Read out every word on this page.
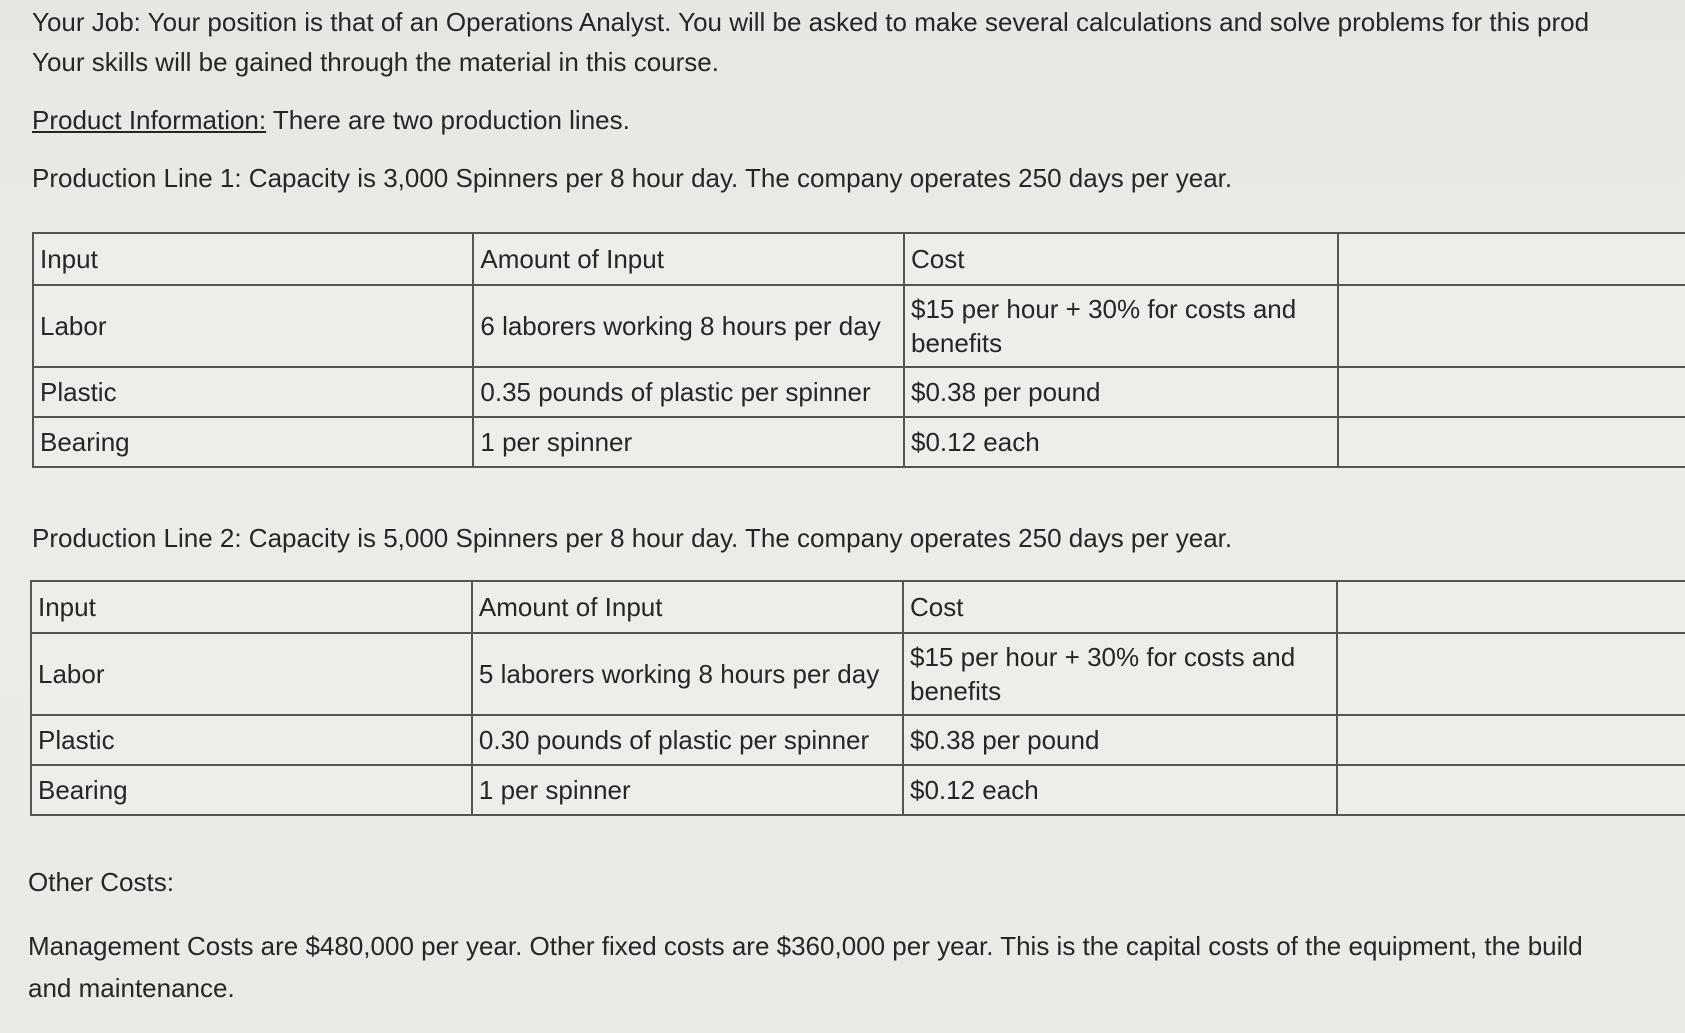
Your Job: Your position is that of an Operations Analyst. You will be asked to make several calculations and solve problems for this prod
Your skills will be gained through the material in this course.
Product Information: There are two production lines.
Production Line 1: Capacity is 3,000 Spinners per 8 hour day. The company operates 250 days per year.
Input	Amount of Input	Cost	
Labor	6 laborers working 8 hours per day	$15 per hour + 30% for costs and benefits	
Plastic	0.35 pounds of plastic per spinner	$0.38 per pound	
Bearing	1 per spinner	$0.12 each	
Production Line 2: Capacity is 5,000 Spinners per 8 hour day. The company operates 250 days per year.
Input	Amount of Input	Cost	
Labor	5 laborers working 8 hours per day	$15 per hour + 30% for costs and benefits	
Plastic	0.30 pounds of plastic per spinner	$0.38 per pound	
Bearing	1 per spinner	$0.12 each	
Other Costs:
Management Costs are $480,000 per year. Other fixed costs are $360,000 per year. This is the capital costs of the equipment, the build
and maintenance.
